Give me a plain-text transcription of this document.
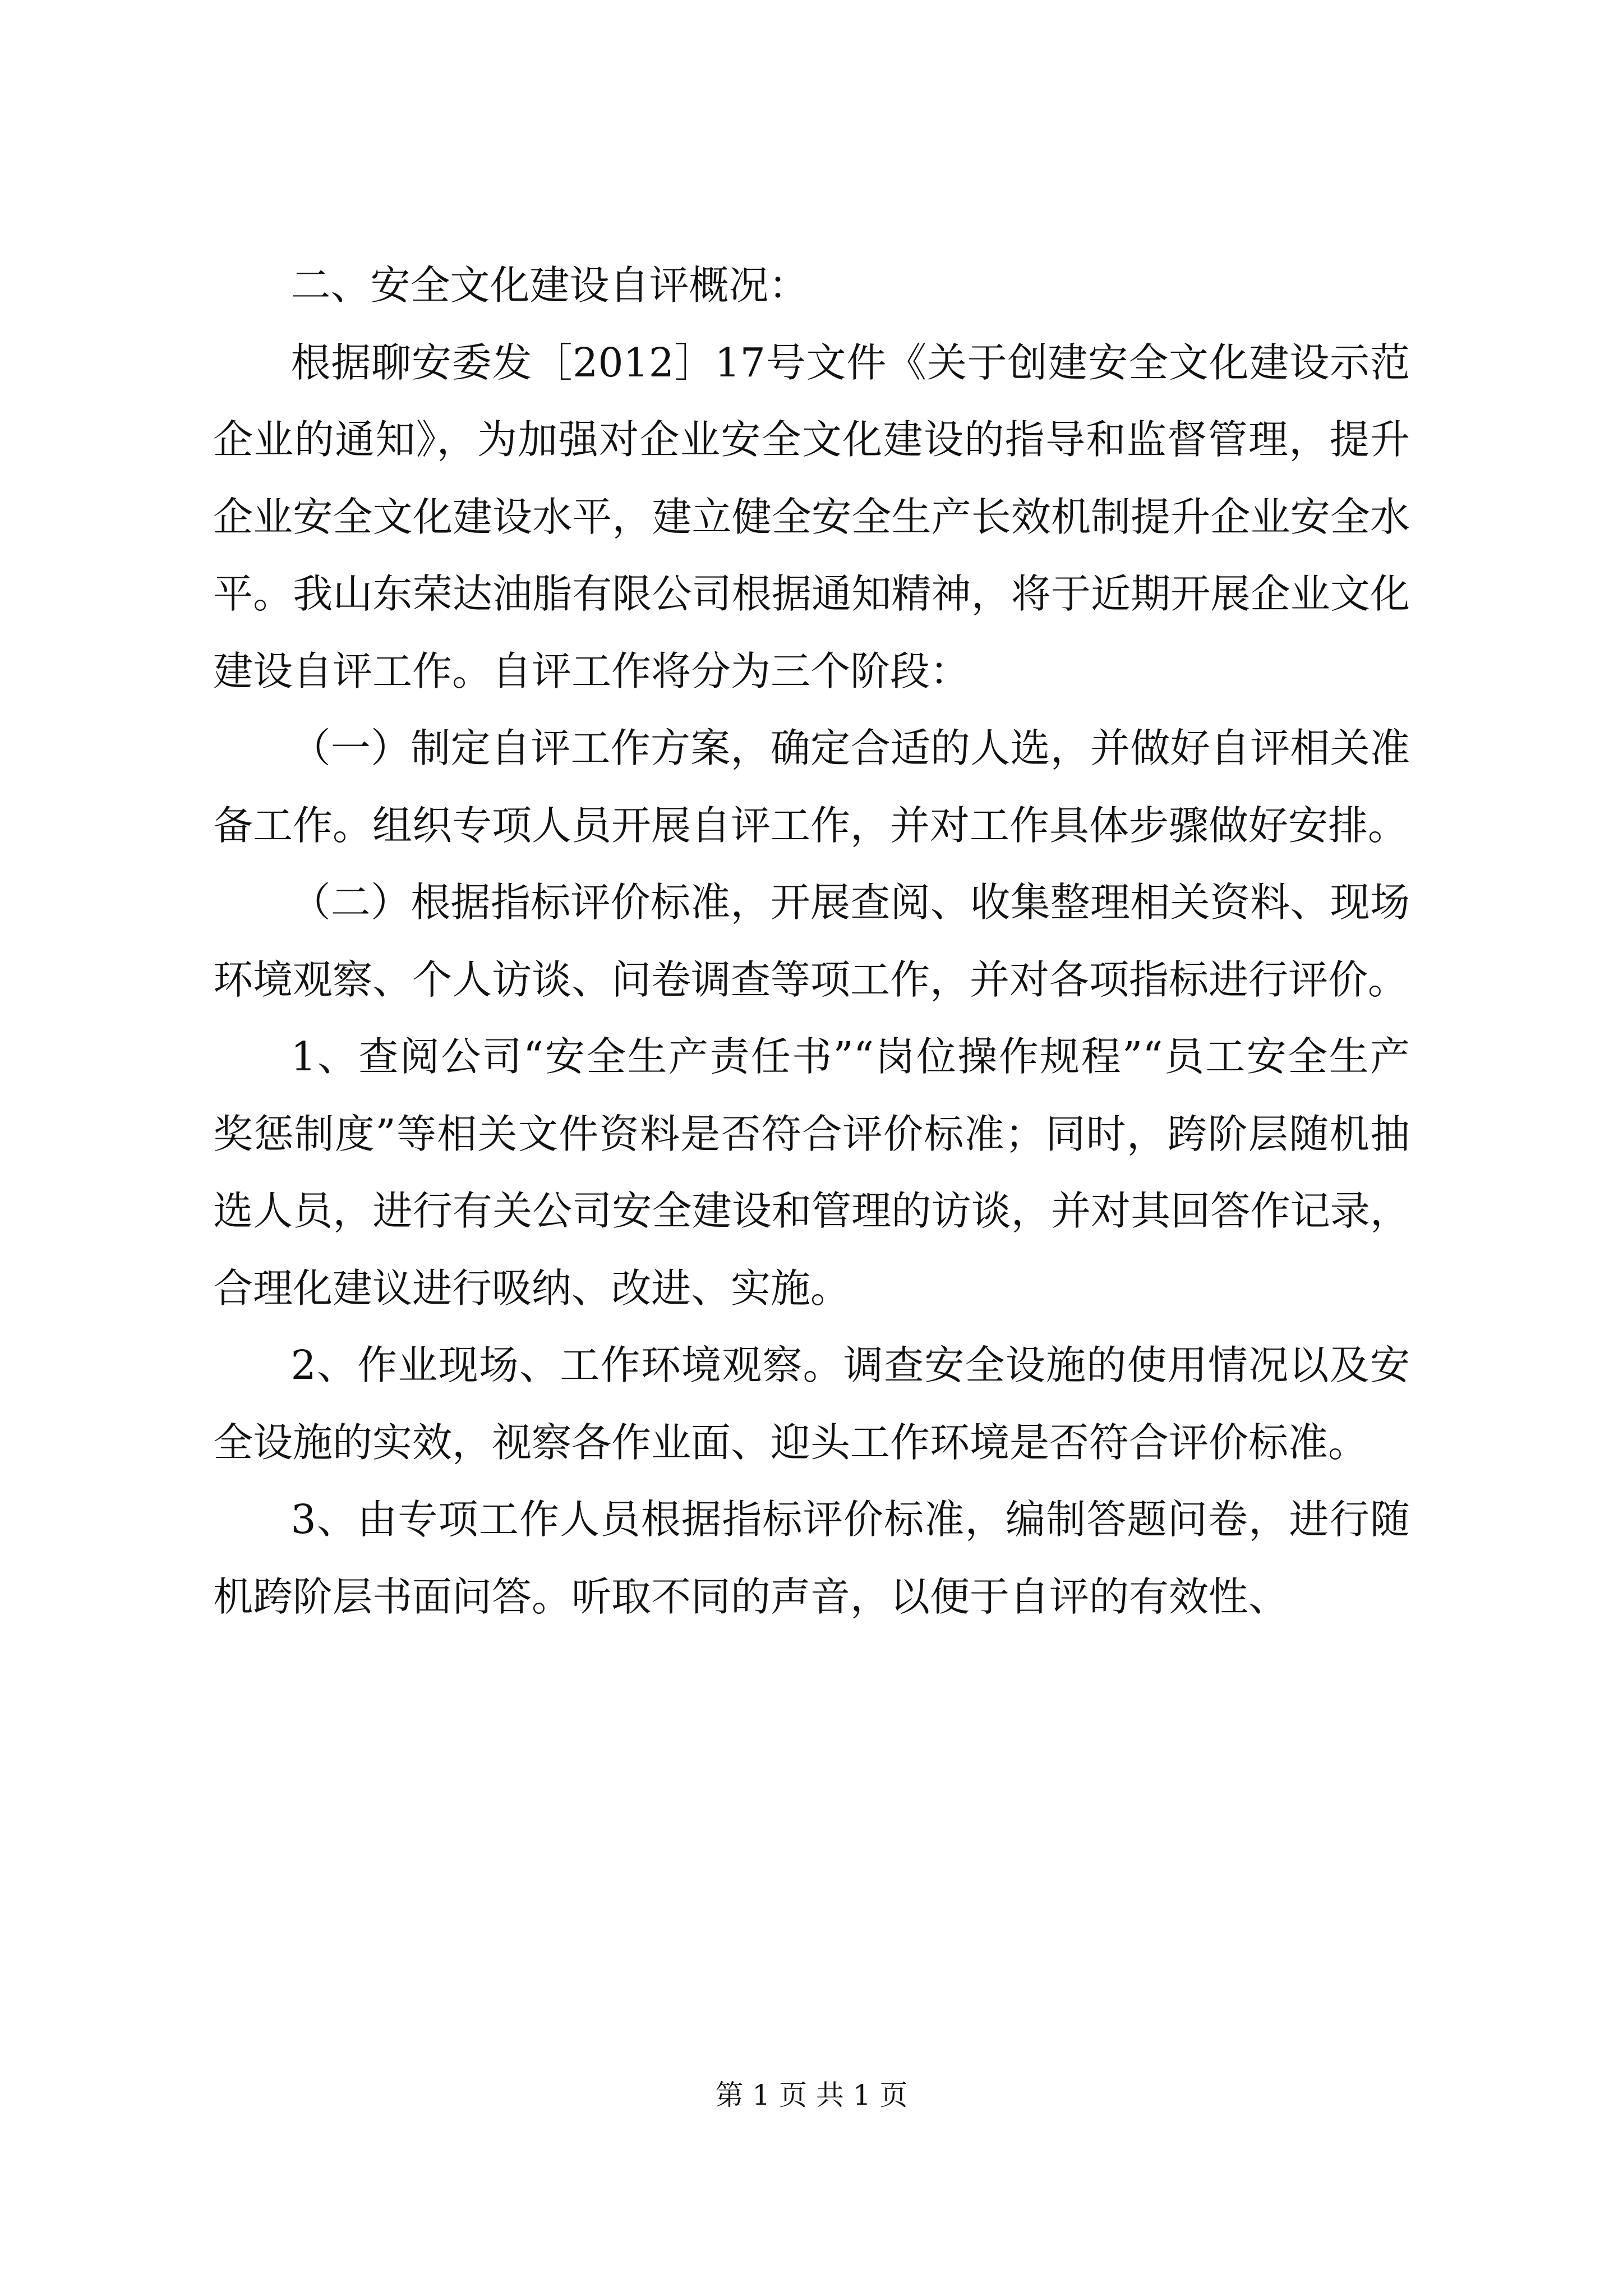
二、安全文化建设自评概况：

根据聊安委发［2012］17号文件《关于创建安全文化建设示范企业的通知》，为加强对企业安全文化建设的指导和监督管理，提升企业安全文化建设水平，建立健全安全生产长效机制提升企业安全水平。我山东荣达油脂有限公司根据通知精神，将于近期开展企业文化建设自评工作。自评工作将分为三个阶段：

（一）制定自评工作方案，确定合适的人选，并做好自评相关准备工作。组织专项人员开展自评工作，并对工作具体步骤做好安排。

（二）根据指标评价标准，开展查阅、收集整理相关资料、现场环境观察、个人访谈、问卷调查等项工作，并对各项指标进行评价。

1、查阅公司“安全生产责任书”“岗位操作规程”“员工安全生产奖惩制度”等相关文件资料是否符合评价标准；同时，跨阶层随机抽选人员，进行有关公司安全建设和管理的访谈，并对其回答作记录，合理化建议进行吸纳、改进、实施。

2、作业现场、工作环境观察。调查安全设施的使用情况以及安全设施的实效，视察各作业面、迎头工作环境是否符合评价标准。

3、由专项工作人员根据指标评价标准，编制答题问卷，进行随机跨阶层书面问答。听取不同的声音，以便于自评的有效性、

第 1 页 共 1 页
